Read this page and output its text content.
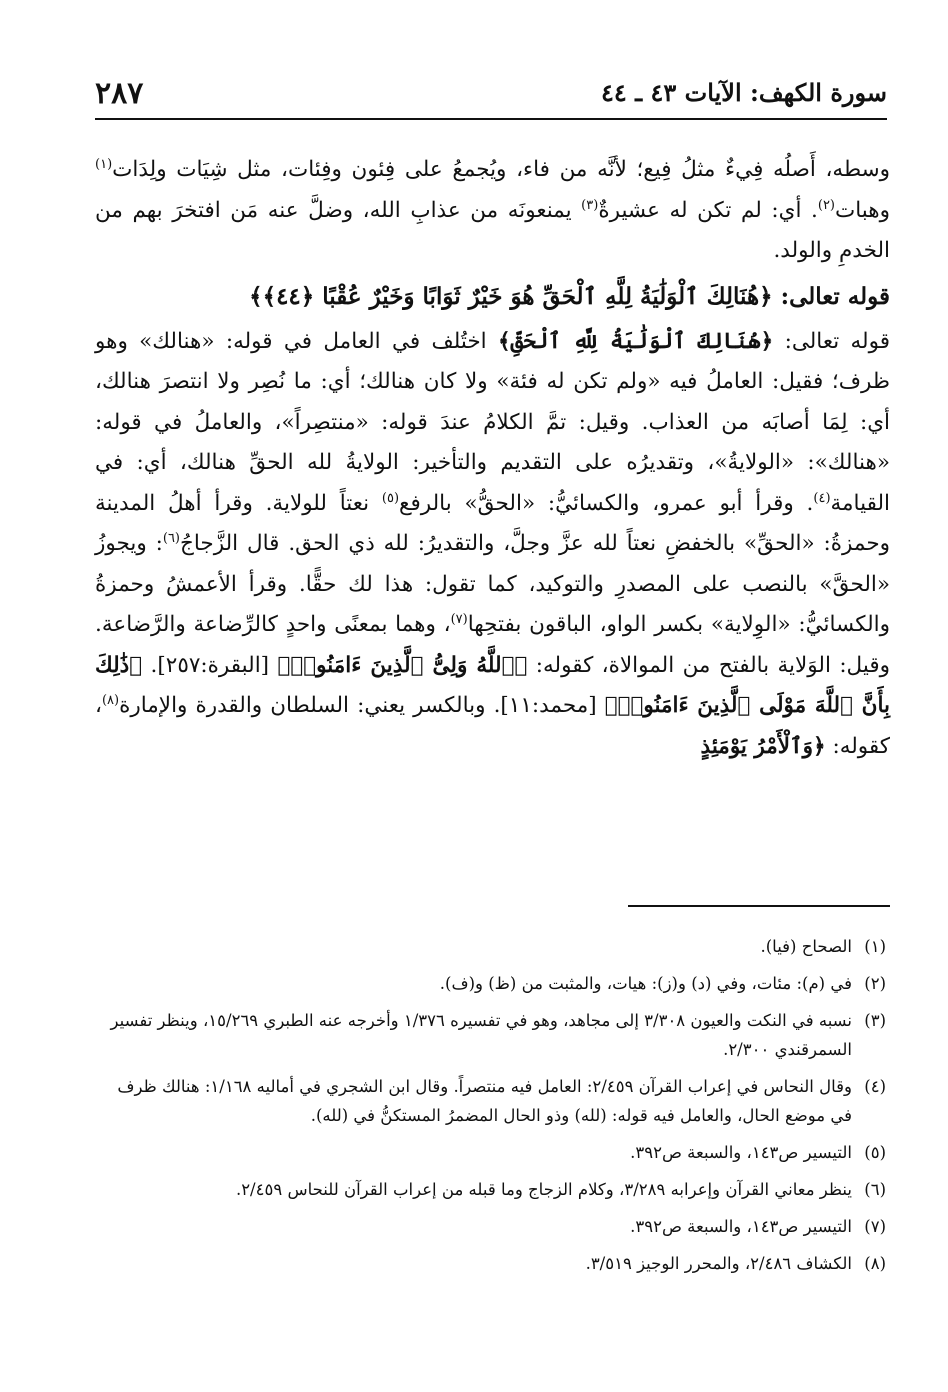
سورة الكهف: الآيات ٤٣ ـ ٤٤
٢٨٧

وسطه، أَصلُه فِيءٌ مثلُ فِيع؛ لأنَّه من فاء، ويُجمعُ على فِئون وفِئات، مثل شِيَات ولِدَات$^{(١)}$ وهبات$^{(٢)}$. أي: لم تكن له عشيرةٌ$^{(٣)}$ يمنعونَه من عذابِ الله، وضلَّ عنه مَن افتخرَ بهم من الخدمِ والولد.

قوله تعالى: ﴿هُنَالِكَ ٱلْوَلَٰيَةُ لِلَّهِ ٱلْحَقِّ هُوَ خَيْرٌ ثَوَابًا وَخَيْرٌ عُقْبًا ﴿٤٤﴾﴾

قوله تعالى: ﴿هُنَالِكَ ٱلْوَلَٰيَةُ لِلَّهِ ٱلْحَقِّ﴾ اختُلف في العامل في قوله: «هنالك» وهو ظرف؛ فقيل: العاملُ فيه «ولم تكن له فئة» ولا كان هنالك؛ أي: ما نُصِر ولا انتصرَ هنالك، أي: لِمَا أصابَه من العذاب. وقيل: تمَّ الكلامُ عندَ قوله: «منتصِراً»، والعاملُ في قوله: «هنالك»: «الولايةُ»، وتقديرُه على التقديم والتأخير: الولايةُ لله الحقِّ هنالك، أي: في القيامة$^{(٤)}$. وقرأ أبو عمرو، والكسائيُّ: «الحقُّ» بالرفع$^{(٥)}$ نعتاً للولاية. وقرأ أهلُ المدينة وحمزةُ: «الحقِّ» بالخفضِ نعتاً لله عزَّ وجلَّ، والتقديرُ: لله ذي الحق. قال الزَّجاجُ$^{(٦)}$: ويجوزُ «الحقَّ» بالنصب على المصدرِ والتوكيد، كما تقول: هذا لك حقًّا. وقرأ الأعمشُ وحمزةُ والكسائيُّ: «الوِلاية» بكسر الواو، الباقون بفتحِها$^{(٧)}$، وهما بمعنًى واحدٍ كالرِّضاعة والرَّضاعة. وقيل: الوَلاية بالفتح من الموالاة، كقوله: ﴿ٱللَّهُ وَلِىُّ ٱلَّذِينَ ءَامَنُوا۟﴾ [البقرة:٢٥٧]. ﴿ذَٰلِكَ بِأَنَّ ٱللَّهَ مَوْلَى ٱلَّذِينَ ءَامَنُوا۟﴾ [محمد:١١]. وبالكسر يعني: السلطان والقدرة والإمارة$^{(٨)}$، كقوله: ﴿وَٱلْأَمْرُ يَوْمَئِذٍ

(١)
الصحاح (فيا).
(٢)
في (م): مئات، وفي (د) و(ز): هيات، والمثبت من (ظ) و(ف).
(٣)
نسبه في النكت والعيون ٣/٣٠٨ إلى مجاهد، وهو في تفسيره ١/٣٧٦ وأخرجه عنه الطبري ١٥/٢٦٩، وينظر تفسير السمرقندي ٢/٣٠٠.
(٤)
وقال النحاس في إعراب القرآن ٢/٤٥٩: العامل فيه منتصراً. وقال ابن الشجري في أماليه ١/١٦٨: هنالك ظرف في موضع الحال، والعامل فيه قوله: (لله) وذو الحال المضمرُ المستكنُّ في (لله).
(٥)
التيسير ص١٤٣، والسبعة ص٣٩٢.
(٦)
ينظر معاني القرآن وإعرابه ٣/٢٨٩، وكلام الزجاج وما قبله من إعراب القرآن للنحاس ٢/٤٥٩.
(٧)
التيسير ص١٤٣، والسبعة ص٣٩٢.
(٨)
الكشاف ٢/٤٨٦، والمحرر الوجيز ٣/٥١٩.
